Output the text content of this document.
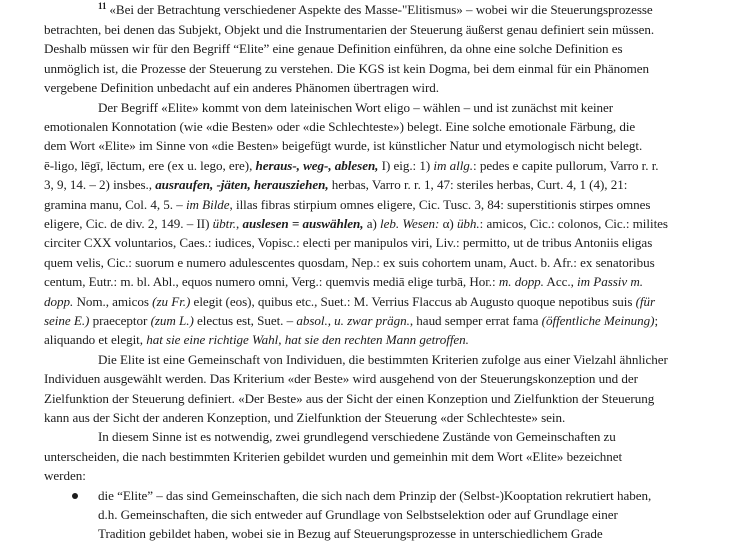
$^{11}$ «Bei der Betrachtung verschiedener Aspekte des Masse-"Elitismus» – wobei wir die Steuerungsprozesse
betrachten, bei denen das Subjekt, Objekt und die Instrumentarien der Steuerung äußerst genau definiert sein müssen.
Deshalb müssen wir für den Begriff “Elite” eine genaue Definition einführen, da ohne eine solche Definition es
unmöglich ist, die Prozesse der Steuerung zu verstehen. Die KGS ist kein Dogma, bei dem einmal für ein Phänomen
vergebene Definition unbedacht auf ein anderes Phänomen übertragen wird.
Der Begriff «Elite» kommt von dem lateinischen Wort eligo – wählen – und ist zunächst mit keiner
emotionalen Konnotation (wie «die Besten» oder «die Schlechteste») belegt. Eine solche emotionale Färbung, die
dem Wort «Elite» im Sinne von «die Besten» beigefügt wurde, ist künstlicher Natur und etymologisch nicht belegt.
ē-ligo, lēgī, lēctum, ere (ex u. lego, ere), heraus-, weg-, ablesen, I) eig.: 1) im allg.: pedes e capite pullorum, Varro r. r.
3, 9, 14. – 2) insbes., ausraufen, -jäten, herausziehen, herbas, Varro r. r. 1, 47: steriles herbas, Curt. 4, 1 (4), 21:
gramina manu, Col. 4, 5. – im Bilde, illas fibras stirpium omnes eligere, Cic. Tusc. 3, 84: superstitionis stirpes omnes
eligere, Cic. de div. 2, 149. – II) übtr., auslesen = auswählen, a) leb. Wesen: α) übh.: amicos, Cic.: colonos, Cic.: milites
circiter CXX voluntarios, Caes.: iudices, Vopisc.: electi per manipulos viri, Liv.: permitto, ut de tribus Antoniis eligas
quem velis, Cic.: suorum e numero adulescentes quosdam, Nep.: ex suis cohortem unam, Auct. b. Afr.: ex senatoribus
centum, Eutr.: m. bl. Abl., equos numero omni, Verg.: quemvis mediā elige turbā, Hor.: m. dopp. Acc., im Passiv m.
dopp. Nom., amicos (zu Fr.) elegit (eos), quibus etc., Suet.: M. Verrius Flaccus ab Augusto quoque nepotibus suis (für
seine E.) praeceptor (zum L.) electus est, Suet. – absol., u. zwar prägn., haud semper errat fama (öffentliche Meinung);
aliquando et elegit, hat sie eine richtige Wahl, hat sie den rechten Mann getroffen.
Die Elite ist eine Gemeinschaft von Individuen, die bestimmten Kriterien zufolge aus einer Vielzahl ähnlicher
Individuen ausgewählt werden. Das Kriterium «der Beste» wird ausgehend von der Steuerungskonzeption und der
Zielfunktion der Steuerung definiert. «Der Beste» aus der Sicht der einen Konzeption und Zielfunktion der Steuerung
kann aus der Sicht der anderen Konzeption, und Zielfunktion der Steuerung «der Schlechteste» sein.
In diesem Sinne ist es notwendig, zwei grundlegend verschiedene Zustände von Gemeinschaften zu
unterscheiden, die nach bestimmten Kriterien gebildet wurden und gemeinhin mit dem Wort «Elite» bezeichnet
werden:
die “Elite” – das sind Gemeinschaften, die sich nach dem Prinzip der (Selbst-)Kooptation rekrutiert haben,
d.h. Gemeinschaften, die sich entweder auf Grundlage von Selbstselektion oder auf Grundlage einer
Tradition gebildet haben, wobei sie in Bezug auf Steuerungsprozesse in unterschiedlichem Grade
